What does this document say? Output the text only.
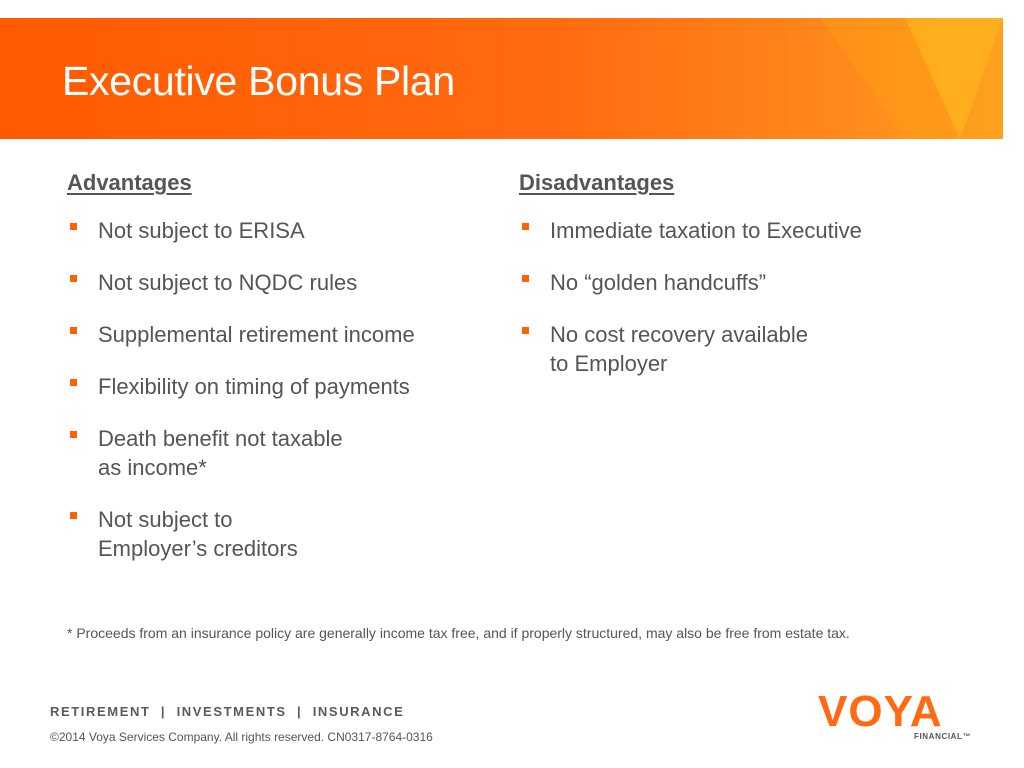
Executive Bonus Plan
Advantages
Not subject to ERISA
Not subject to NQDC rules
Supplemental retirement income
Flexibility on timing of payments
Death benefit not taxable
as income*
Not subject to
Employer’s creditors
Disadvantages
Immediate taxation to Executive
No “golden handcuffs”
No cost recovery available
to Employer

* Proceeds from an insurance policy are generally income tax free, and if properly structured, may also be free from estate tax.

RETIREMENT  |  INVESTMENTS  |  INSURANCE

©2014 Voya Services Company. All rights reserved. CN0317-8764-0316

VOYA
FINANCIAL™
